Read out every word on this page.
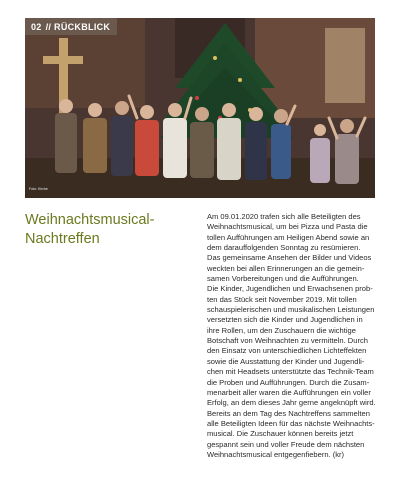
02 // RÜCKBLICK
Foto: Kirche
Weihnachtsmusical-
Nachtreffen
Am 09.01.2020 trafen sich alle Beteiligten des
Weihnachtsmusical, um bei Pizza und Pasta die
tollen Aufführungen am Heiligen Abend sowie an
dem darauffolgenden Sonntag zu resümieren.
Das gemeinsame Ansehen der Bilder und Videos
weckten bei allen Erinnerungen an die gemein-
samen Vorbereitungen und die Aufführungen.
Die Kinder, Jugendlichen und Erwachsenen prob-
ten das Stück seit November 2019. Mit tollen
schauspielerischen und musikalischen Leistungen
versetzten sich die Kinder und Jugendlichen in
ihre Rollen, um den Zuschauern die wichtige
Botschaft von Weihnachten zu vermitteln. Durch
den Einsatz von unterschiedlichen Lichteffekten
sowie die Ausstattung der Kinder und Jugendli-
chen mit Headsets unterstützte das Technik-Team
die Proben und Aufführungen. Durch die Zusam-
menarbeit aller waren die Aufführungen ein voller
Erfolg, an dem dieses Jahr gerne angeknüpft wird.
Bereits an dem Tag des Nachtreffens sammelten
alle Beteiligten Ideen für das nächste Weihnachts-
musical. Die Zuschauer können bereits jetzt
gespannt sein und voller Freude dem nächsten
Weihnachtsmusical entgegenfiebern. (kr)
